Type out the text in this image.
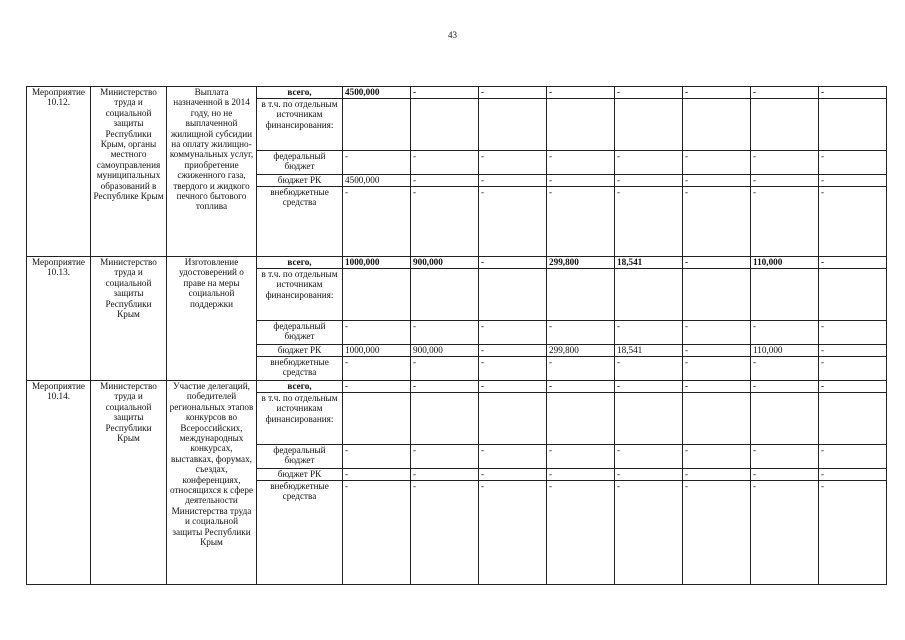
43
Мероприятие 10.12.	Министерство труда и социальной защиты Республики Крым, органы местного самоуправления муниципальных образований в Республике Крым	Выплата назначенной в 2014 году, но не выплаченной жилищной субсидии на оплату жилищно-коммунальных услуг, приобретение сжиженного газа, твердого и жидкого печного бытового топлива	всего,	4500,000	-	-	-	-	-	-	-
			в т.ч. по отдельным источникам финансирования:								
			федеральный бюджет	-	-	-	-	-	-	-	-
			бюджет РК	4500,000	-	-	-	-	-	-	-
			внебюджетные средства	-	-	-	-	-	-	-	-
Мероприятие 10.13.	Министерство труда и социальной защиты Республики Крым	Изготовление удостоверений о праве на меры социальной поддержки	всего,	1000,000	900,000	-	299,800	18,541	-	110,000	-
			в т.ч. по отдельным источникам финансирования:								
			федеральный бюджет	-	-	-	-	-	-	-	-
			бюджет РК	1000,000	900,000	-	299,800	18,541	-	110,000	-
			внебюджетные средства	-	-	-	-	-	-	-	-
Мероприятие 10.14.	Министерство труда и социальной защиты Республики Крым	Участие делегаций, победителей региональных этапов конкурсов во Всероссийских, международных конкурсах, выставках, форумах, съездах, конференциях, относящихся к сфере деятельности Министерства труда и социальной защиты Республики Крым	всего,	-	-	-	-	-	-	-	-
			в т.ч. по отдельным источникам финансирования:								
			федеральный бюджет	-	-	-	-	-	-	-	-
			бюджет РК	-	-	-	-	-	-	-	-
			внебюджетные средства	-	-	-	-	-	-	-	-
